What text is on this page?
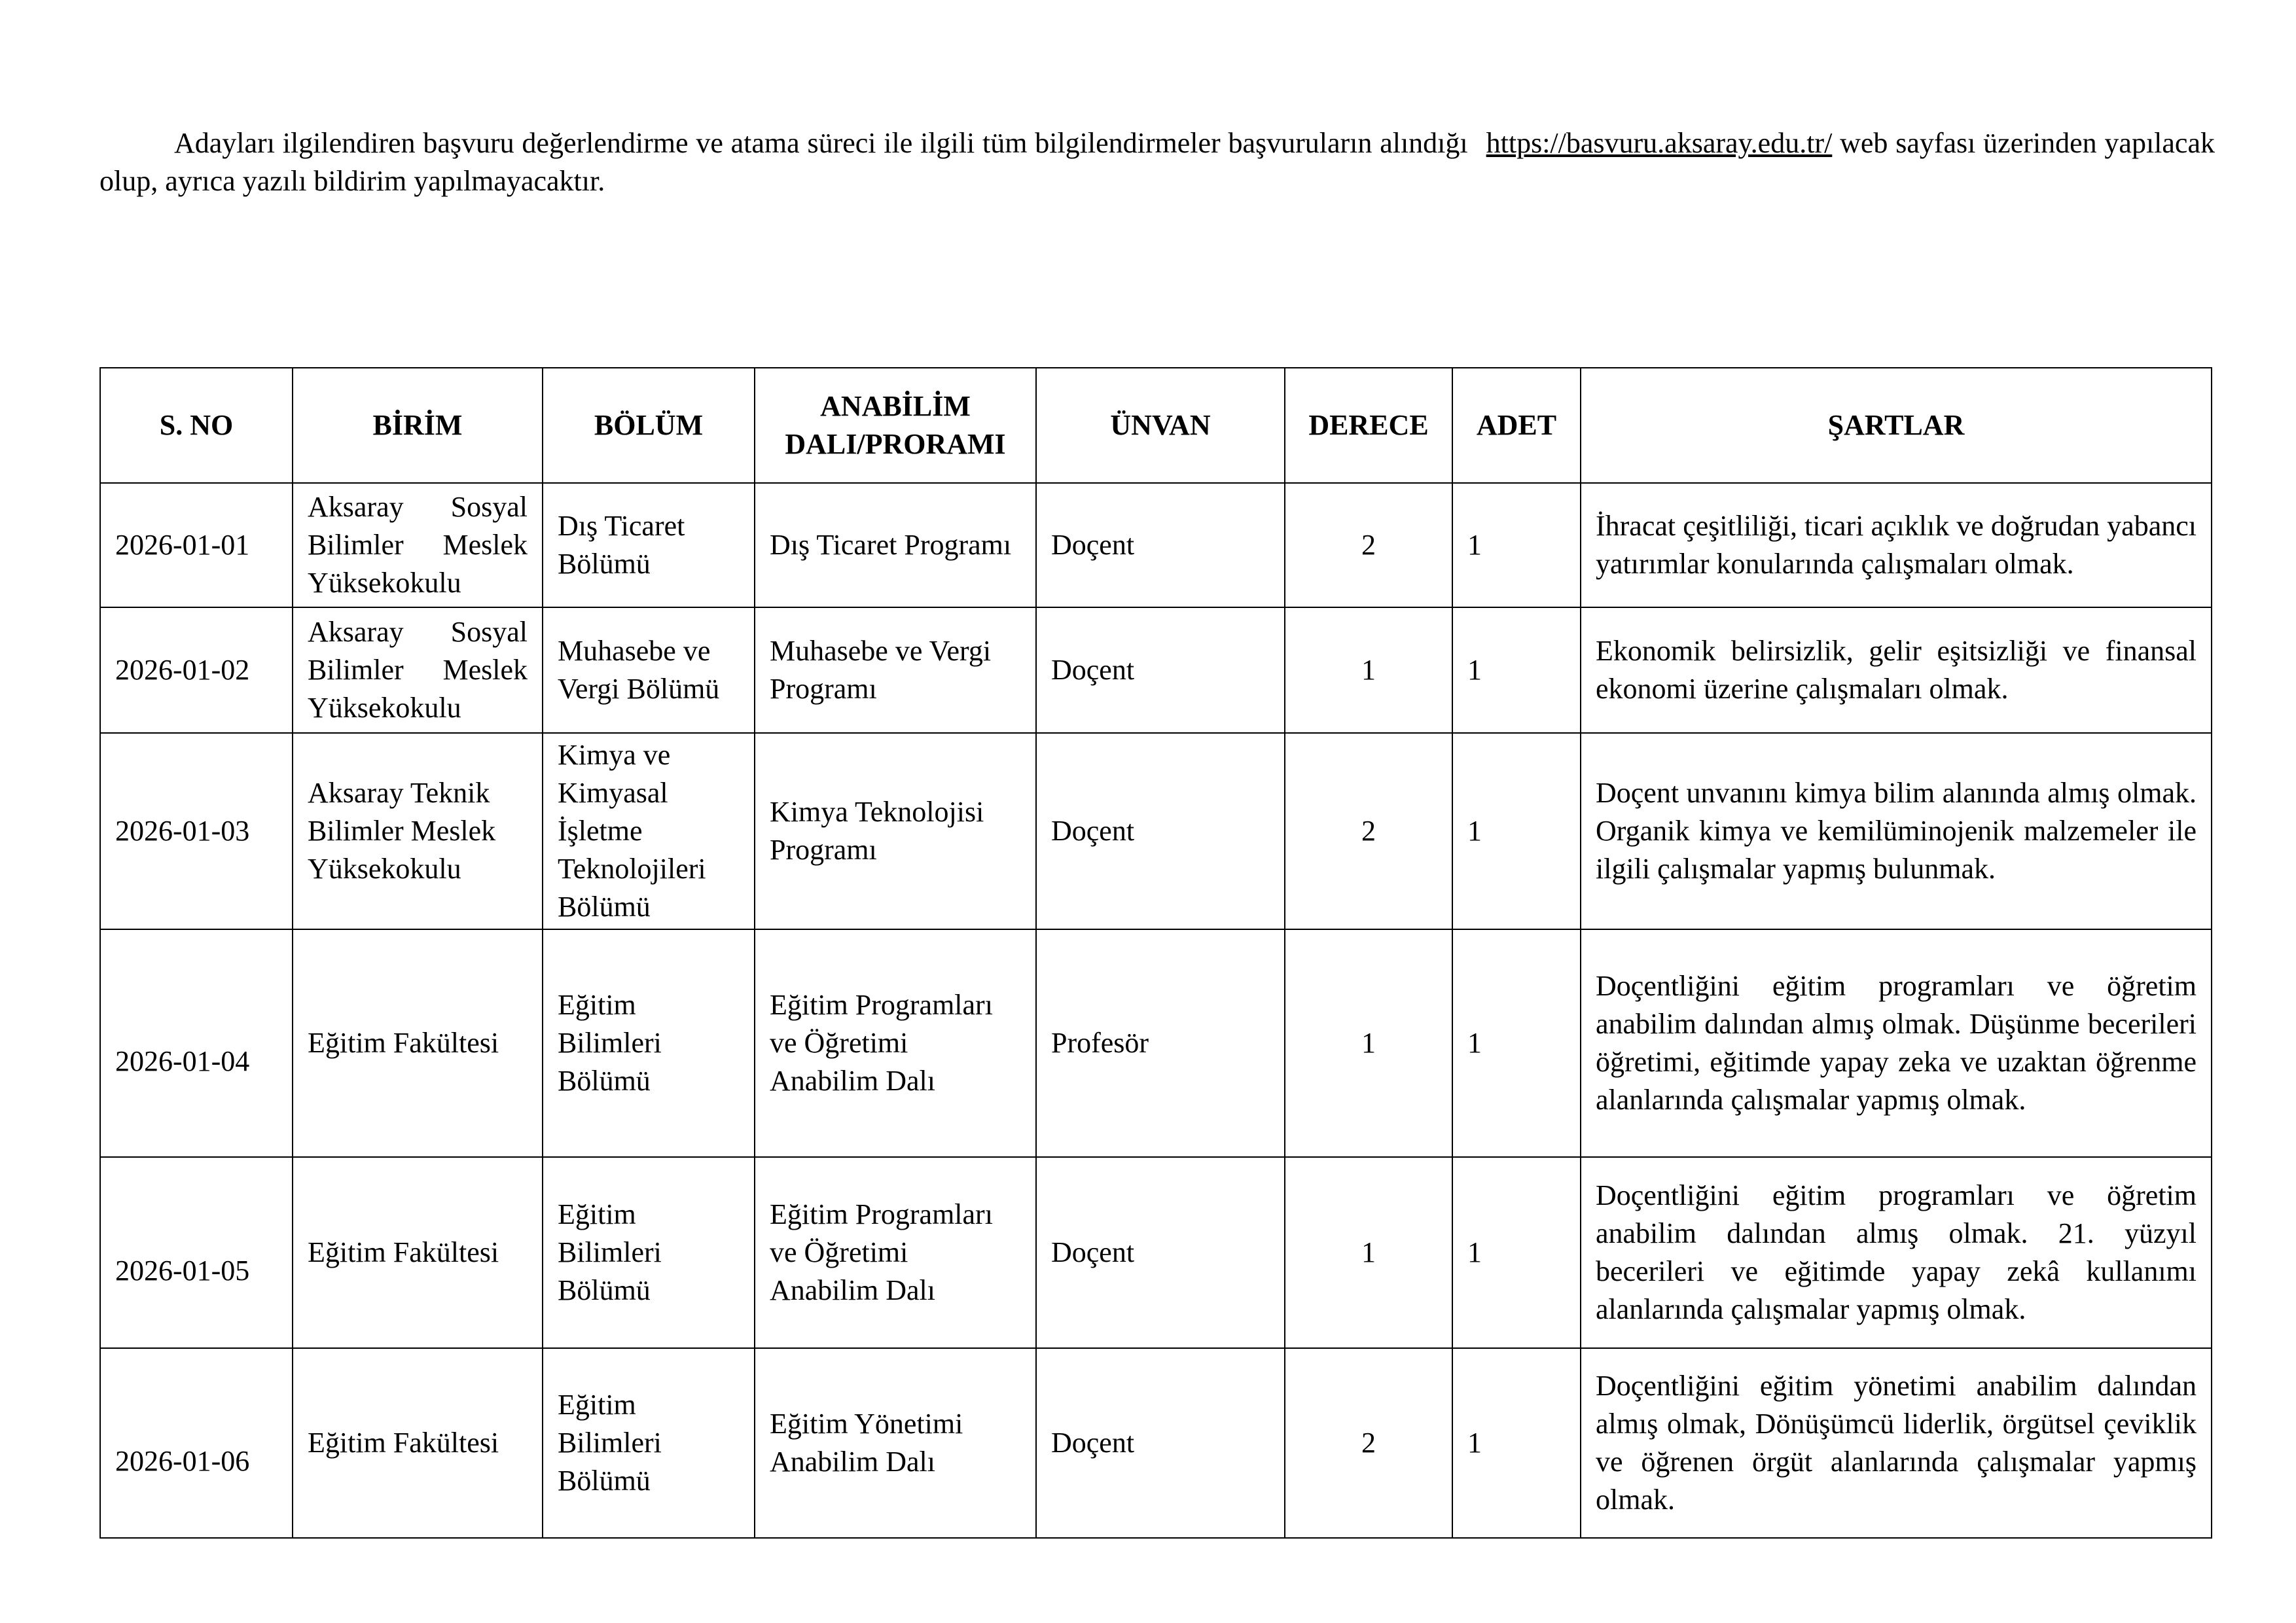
Adayları ilgilendiren başvuru değerlendirme ve atama süreci ile ilgili tüm bilgilendirmeler başvuruların alındığı https://basvuru.aksaray.edu.tr/ web sayfası üzerinden yapılacak olup, ayrıca yazılı bildirim yapılmayacaktır.

S. NO	BİRİM	BÖLÜM	ANABİLİM DALI/PRORAMI	ÜNVAN	DERECE	ADET	ŞARTLAR
2026-01-01	Aksaray Sosyal Bilimler Meslek Yüksekokulu	Dış Ticaret Bölümü	Dış Ticaret Programı	Doçent	2	1	İhracat çeşitliliği, ticari açıklık ve doğrudan yabancı yatırımlar konularında çalışmaları olmak.
2026-01-02	Aksaray Sosyal Bilimler Meslek Yüksekokulu	Muhasebe ve Vergi Bölümü	Muhasebe ve Vergi Programı	Doçent	1	1	Ekonomik belirsizlik, gelir eşitsizliği ve finansal ekonomi üzerine çalışmaları olmak.
2026-01-03	Aksaray Teknik Bilimler Meslek Yüksekokulu	Kimya ve Kimyasal İşletme Teknolojileri Bölümü	Kimya Teknolojisi Programı	Doçent	2	1	Doçent unvanını kimya bilim alanında almış olmak. Organik kimya ve kemilüminojenik malzemeler ile ilgili çalışmalar yapmış bulunmak.
2026-01-04	Eğitim Fakültesi	Eğitim Bilimleri Bölümü	Eğitim Programları ve Öğretimi Anabilim Dalı	Profesör	1	1	Doçentliğini eğitim programları ve öğretim anabilim dalından almış olmak. Düşünme becerileri öğretimi, eğitimde yapay zeka ve uzaktan öğrenme alanlarında çalışmalar yapmış olmak.
2026-01-05	Eğitim Fakültesi	Eğitim Bilimleri Bölümü	Eğitim Programları ve Öğretimi Anabilim Dalı	Doçent	1	1	Doçentliğini eğitim programları ve öğretim anabilim dalından almış olmak. 21. yüzyıl becerileri ve eğitimde yapay zekâ kullanımı alanlarında çalışmalar yapmış olmak.
2026-01-06	Eğitim Fakültesi	Eğitim Bilimleri Bölümü	Eğitim Yönetimi Anabilim Dalı	Doçent	2	1	Doçentliğini eğitim yönetimi anabilim dalından almış olmak, Dönüşümcü liderlik, örgütsel çeviklik ve öğrenen örgüt alanlarında çalışmalar yapmış olmak.
